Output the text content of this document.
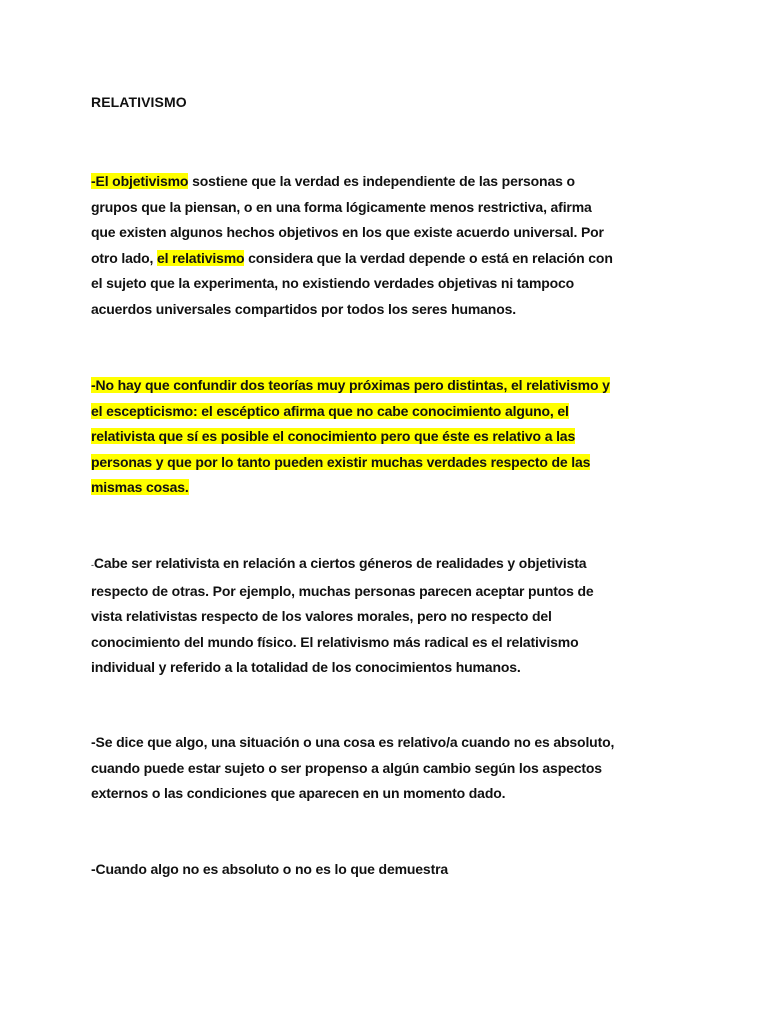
RELATIVISMO
-El objetivismo sostiene que la verdad es independiente de las personas o
grupos que la piensan, o en una forma lógicamente menos restrictiva, afirma
que existen algunos hechos objetivos en los que existe acuerdo universal. Por
otro lado, el relativismo considera que la verdad depende o está en relación con
el sujeto que la experimenta, no existiendo verdades objetivas ni tampoco
acuerdos universales compartidos por todos los seres humanos.
-No hay que confundir dos teorías muy próximas pero distintas, el relativismo y
el escepticismo: el escéptico afirma que no cabe conocimiento alguno, el
relativista que sí es posible el conocimiento pero que éste es relativo a las
personas y que por lo tanto pueden existir muchas verdades respecto de las
mismas cosas.
-Cabe ser relativista en relación a ciertos géneros de realidades y objetivista
respecto de otras. Por ejemplo, muchas personas parecen aceptar puntos de
vista relativistas respecto de los valores morales, pero no respecto del
conocimiento del mundo físico. El relativismo más radical es el relativismo
individual y referido a la totalidad de los conocimientos humanos.
-Se dice que algo, una situación o una cosa es relativo/a cuando no es absoluto,
cuando puede estar sujeto o ser propenso a algún cambio según los aspectos
externos o las condiciones que aparecen en un momento dado.
-Cuando algo no es absoluto o no es lo que demuestra
